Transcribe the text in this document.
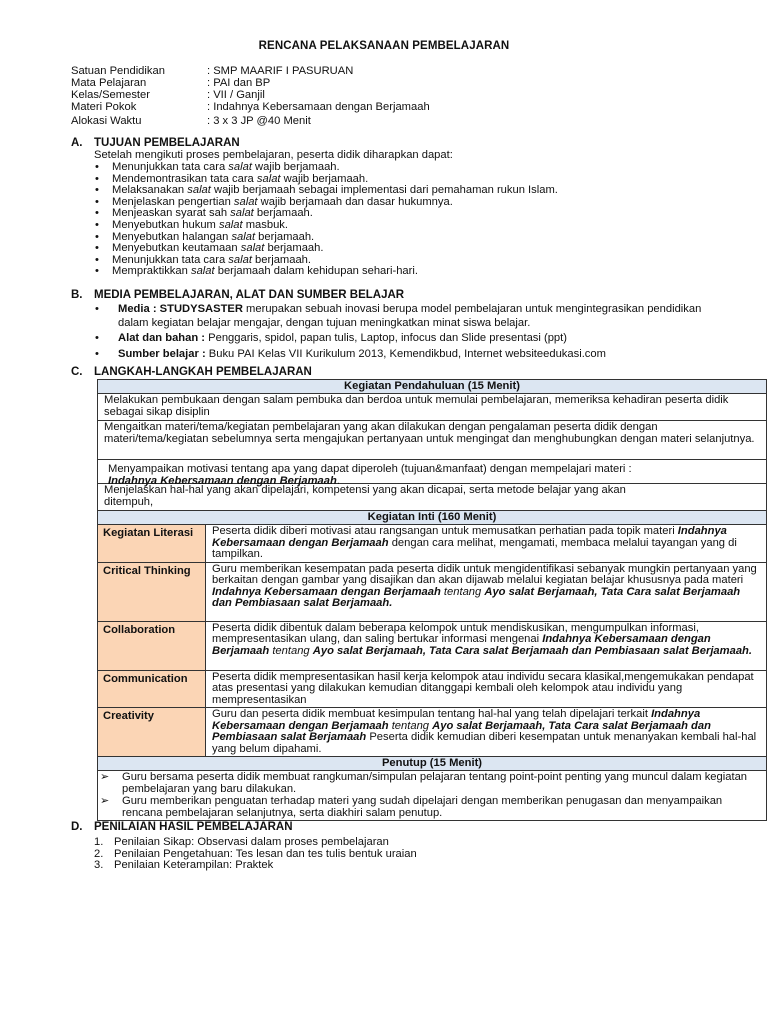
RENCANA PELAKSANAAN PEMBELAJARAN
Satuan Pendidikan	: SMP MAARIF I PASURUAN
Mata Pelajaran	: PAI dan BP
Kelas/Semester	: VII / Ganjil
Materi Pokok	: Indahnya Kebersamaan dengan Berjamaah
Alokasi Waktu	: 3 x 3 JP @40 Menit
A. TUJUAN PEMBELAJARAN
Setelah mengikuti proses pembelajaran, peserta didik diharapkan dapat:
• Menunjukkan tata cara salat wajib berjamaah.
• Mendemontrasikan tata cara salat wajib berjamaah.
• Melaksanakan salat wajib berjamaah sebagai implementasi dari pemahaman rukun Islam.
• Menjelaskan pengertian salat wajib berjamaah dan dasar hukumnya.
• Menjeaskan syarat sah salat berjamaah.
• Menyebutkan hukum salat masbuk.
• Menyebutkan halangan salat berjamaah.
• Menyebutkan keutamaan salat berjamaah.
• Menunjukkan tata cara salat berjamaah.
• Mempraktikkan salat berjamaah dalam kehidupan sehari-hari.
B. MEDIA PEMBELAJARAN, ALAT DAN SUMBER BELAJAR
• Media : STUDYSASTER merupakan sebuah inovasi berupa model pembelajaran untuk mengintegrasikan pendidikan dalam kegiatan belajar mengajar, dengan tujuan meningkatkan minat siswa belajar.
• Alat dan bahan : Penggaris, spidol, papan tulis, Laptop, infocus dan Slide presentasi (ppt)
• Sumber belajar : Buku PAI Kelas VII Kurikulum 2013, Kemendikbud, Internet websiteedukasi.com
C. LANGKAH-LANGKAH PEMBELAJARAN
Kegiatan Pendahuluan (15 Menit)
Melakukan pembukaan dengan salam pembuka dan berdoa untuk memulai pembelajaran, memeriksa kehadiran peserta didik sebagai sikap disiplin
Mengaitkan materi/tema/kegiatan pembelajaran yang akan dilakukan dengan pengalaman peserta didik dengan materi/tema/kegiatan sebelumnya serta mengajukan pertanyaan untuk mengingat dan menghubungkan dengan materi selanjutnya.
Menyampaikan motivasi tentang apa yang dapat diperoleh (tujuan&manfaat) dengan mempelajari materi :
Indahnya Kebersamaan dengan Berjamaah.
Menjelaskan hal-hal yang akan dipelajari, kompetensi yang akan dicapai, serta metode belajar yang akan ditempuh,
Kegiatan Inti (160 Menit)
Kegiatan Literasi	Peserta didik diberi motivasi atau rangsangan untuk memusatkan perhatian pada topik materi Indahnya Kebersamaan dengan Berjamaah dengan cara melihat, mengamati, membaca melalui tayangan yang di tampilkan.
Critical Thinking	Guru memberikan kesempatan pada peserta didik untuk mengidentifikasi sebanyak mungkin pertanyaan yang berkaitan dengan gambar yang disajikan dan akan dijawab melalui kegiatan belajar khususnya pada materi Indahnya Kebersamaan dengan Berjamaah tentang Ayo salat Berjamaah, Tata Cara salat Berjamaah dan Pembiasaan salat Berjamaah.
Collaboration	Peserta didik dibentuk dalam beberapa kelompok untuk mendiskusikan, mengumpulkan informasi, mempresentasikan ulang, dan saling bertukar informasi mengenai Indahnya Kebersamaan dengan Berjamaah tentang Ayo salat Berjamaah, Tata Cara salat Berjamaah dan Pembiasaan salat Berjamaah.
Communication	Peserta didik mempresentasikan hasil kerja kelompok atau individu secara klasikal,mengemukakan pendapat atas presentasi yang dilakukan kemudian ditanggapi kembali oleh kelompok atau individu yang mempresentasikan
Creativity	Guru dan peserta didik membuat kesimpulan tentang hal-hal yang telah dipelajari terkait Indahnya Kebersamaan dengan Berjamaah tentang Ayo salat Berjamaah, Tata Cara salat Berjamaah dan Pembiasaan salat Berjamaah Peserta didik kemudian diberi kesempatan untuk menanyakan kembali hal-hal yang belum dipahami.
Penutup (15 Menit)
➢ Guru bersama peserta didik membuat rangkuman/simpulan pelajaran tentang point-point penting yang muncul dalam kegiatan pembelajaran yang baru dilakukan.
➢ Guru memberikan penguatan terhadap materi yang sudah dipelajari dengan memberikan penugasan dan menyampaikan rencana pembelajaran selanjutnya, serta diakhiri salam penutup.
D. PENILAIAN HASIL PEMBELAJARAN
1. Penilaian Sikap: Observasi dalam proses pembelajaran
2. Penilaian Pengetahuan: Tes lesan dan tes tulis bentuk uraian
3. Penilaian Keterampilan: Praktek
